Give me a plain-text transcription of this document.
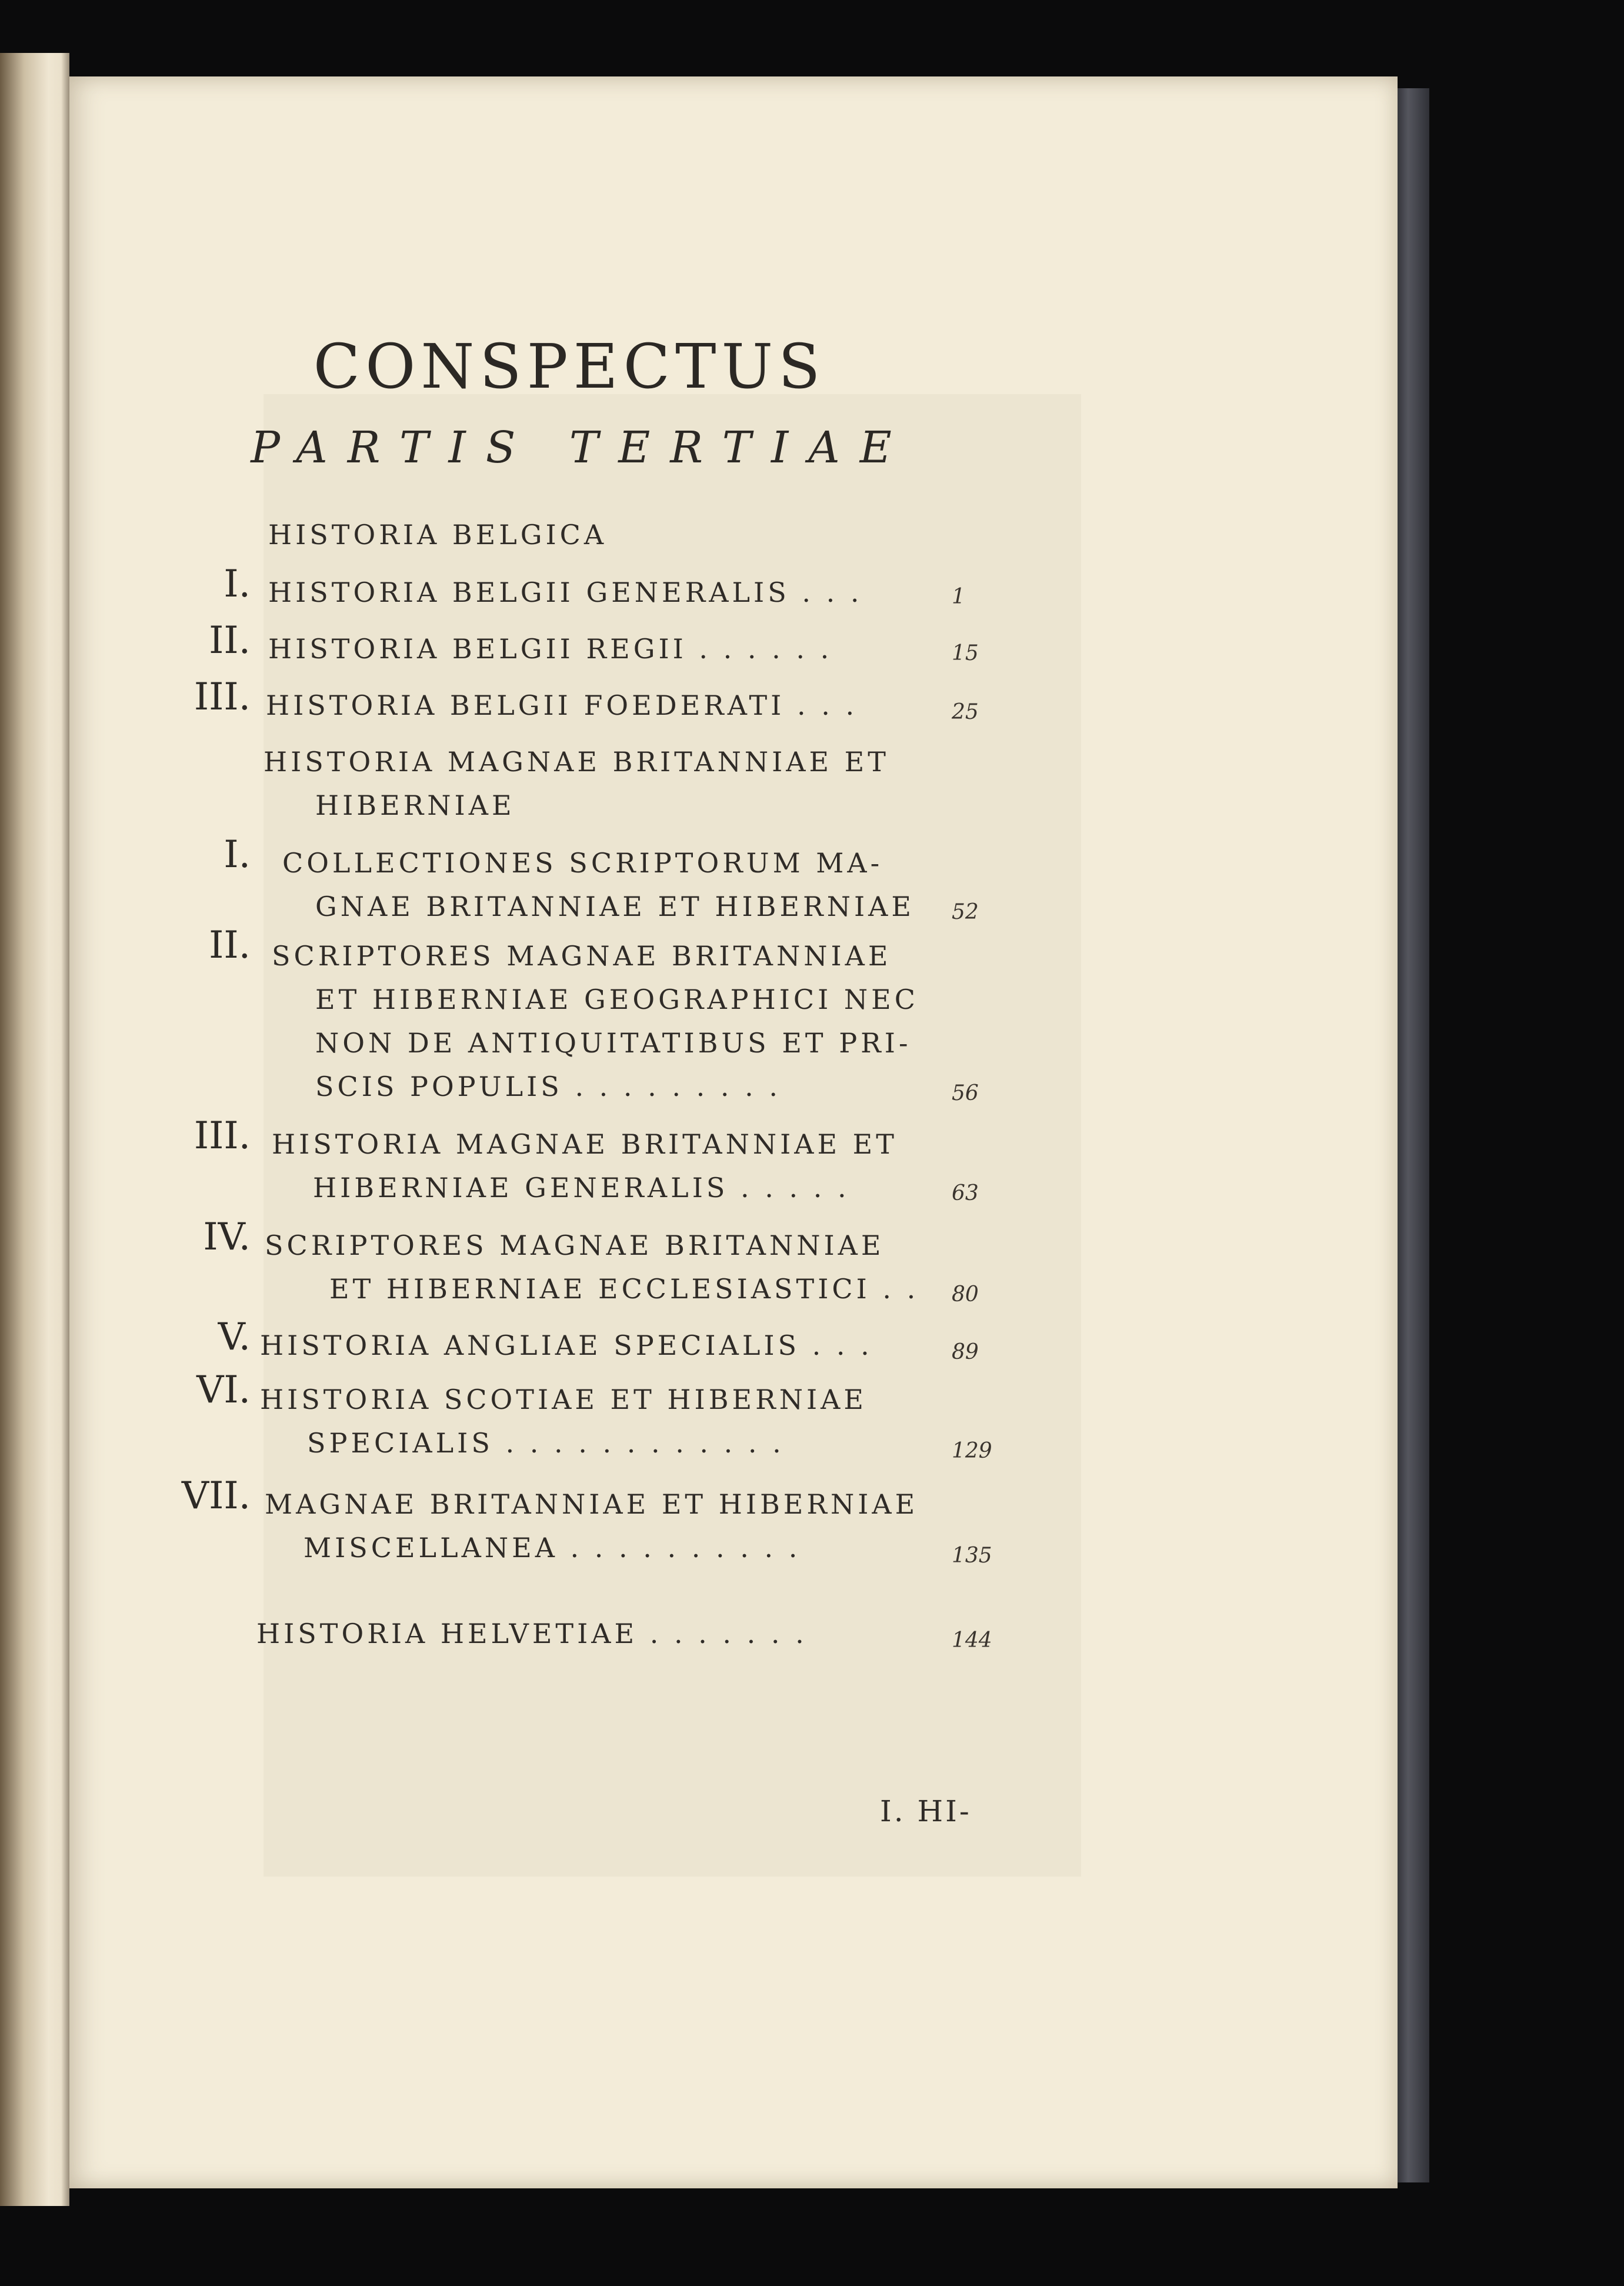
CONSPECTUS
PARTIS TERTIAE
HISTORIA BELGICA
I. HISTORIA BELGII GENERALIS . . .	1
II. HISTORIA BELGII REGII . . . . . .	15
III. HISTORIA BELGII FOEDERATI . . .	25
HISTORIA MAGNAE BRITANNIAE ET
HIBERNIAE
I. COLLECTIONES SCRIPTORUM MA-
GNAE BRITANNIAE ET HIBERNIAE 52
II. SCRIPTORES MAGNAE BRITANNIAE
ET HIBERNIAE GEOGRAPHICI NEC
NON DE ANTIQUITATIBUS ET PRI-
SCIS POPULIS . . . . . . . . .	56
III. HISTORIA MAGNAE BRITANNIAE ET
HIBERNIAE GENERALIS . . . . .	63
IV. SCRIPTORES MAGNAE BRITANNIAE
ET HIBERNIAE ECCLESIASTICI . . 80
V. HISTORIA ANGLIAE SPECIALIS . . .	89
VI. HISTORIA SCOTIAE ET HIBERNIAE
SPECIALIS . . . . . . . . . . . .	129
VII. MAGNAE BRITANNIAE ET HIBERNIAE
MISCELLANEA . . . . . . . . . .	135
HISTORIA HELVETIAE . . . . . . .	144
I. HI-
